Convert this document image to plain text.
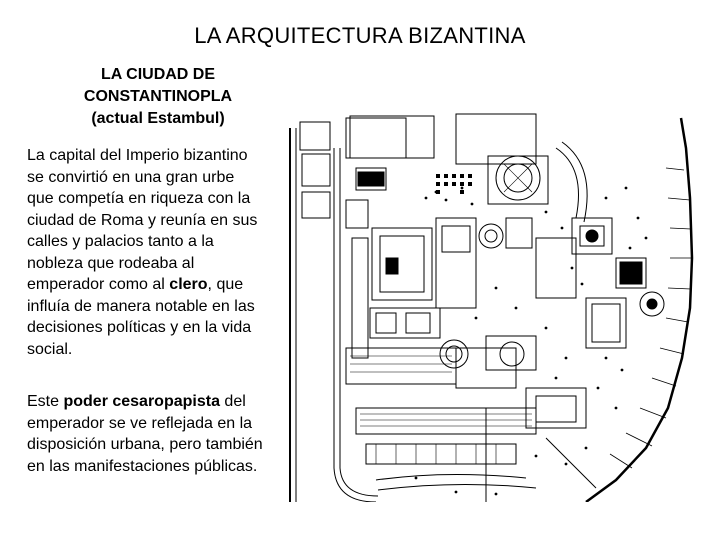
LA ARQUITECTURA BIZANTINA
LA CIUDAD DE
CONSTANTINOPLA
(actual Estambul)
La capital del Imperio bizantino se convirtió en una gran urbe que competía en riqueza con la ciudad de Roma y reunía en sus calles y palacios tanto a la nobleza que rodeaba al emperador como al clero, que influía de manera notable en las decisiones políticas y en la vida social.
Este poder cesaropapista del emperador se ve reflejada en la disposición urbana, pero también en las manifestaciones públicas.
